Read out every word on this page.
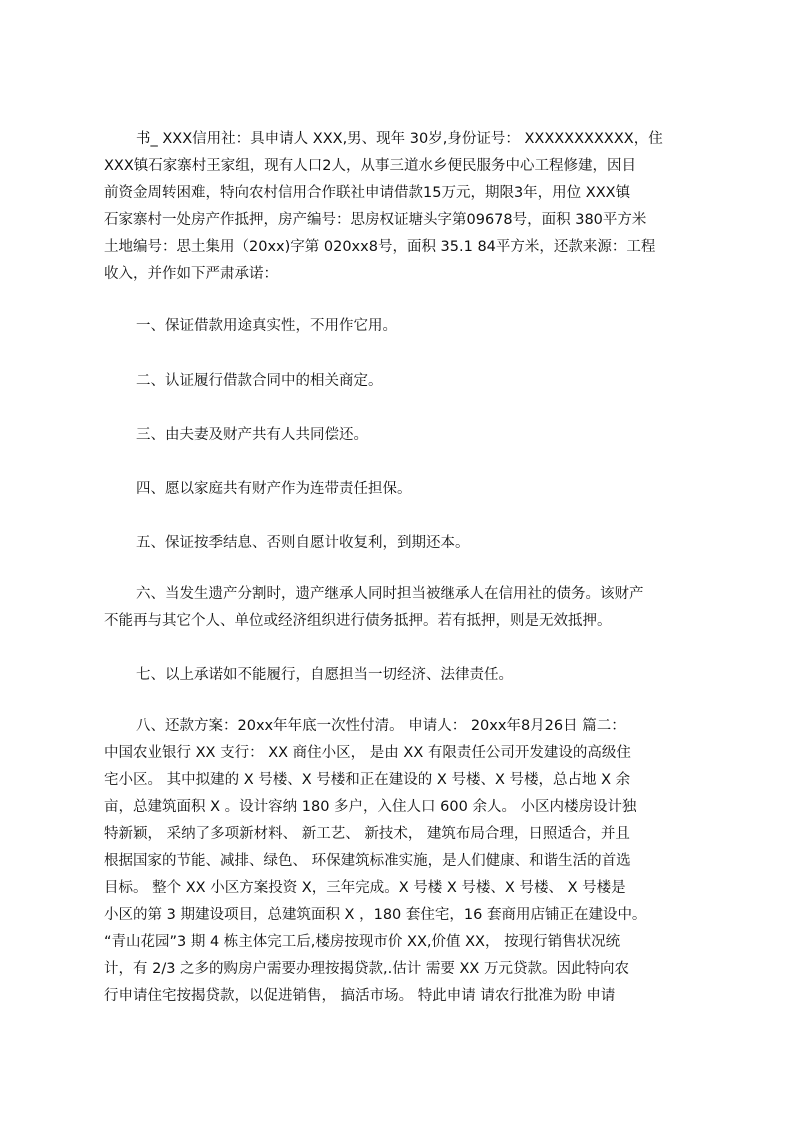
书_ XXX信用社：具申请人 XXX,男、现年 30岁,身份证号： XXXXXXXXXXX，住
XXX镇石家寨村王家组，现有人口2人，从事三道水乡便民服务中心工程修建，因目
前资金周转困难，特向农村信用合作联社申请借款15万元，期限3年，用位 XXX镇
石家寨村一处房产作抵押，房产编号：思房权证塘头字第09678号，面积 380平方米
土地编号：思土集用（20xx)字第 020xx8号，面积 35.1 84平方米，还款来源：工程
收入，并作如下严肃承诺：
一、保证借款用途真实性，不用作它用。
二、认证履行借款合同中的相关商定。
三、由夫妻及财产共有人共同偿还。
四、愿以家庭共有财产作为连带责任担保。
五、保证按季结息、否则自愿计收复利，到期还本。
六、当发生遗产分割时，遗产继承人同时担当被继承人在信用社的债务。该财产
不能再与其它个人、单位或经济组织进行债务抵押。若有抵押，则是无效抵押。
七、以上承诺如不能履行，自愿担当一切经济、法律责任。
八、还款方案：20xx年年底一次性付清。 申请人： 20xx年8月26日 篇二：
中国农业银行 XX 支行： XX 商住小区， 是由 XX 有限责任公司开发建设的高级住
宅小区。 其中拟建的 X 号楼、X 号楼和正在建设的 X 号楼、X 号楼，总占地 X 余
亩，总建筑面积 X 。设计容纳 180 多户，入住人口 600 余人。 小区内楼房设计独
特新颖， 采纳了多项新材料、 新工艺、 新技术， 建筑布局合理，日照适合，并且
根据国家的节能、减排、绿色、 环保建筑标准实施，是人们健康、和谐生活的首选
目标。 整个 XX 小区方案投资 X，三年完成。X 号楼 X 号楼、X 号楼、 X 号楼是
小区的第 3 期建设项目，总建筑面积 X ，180 套住宅，16 套商用店铺正在建设中。
“青山花园”3 期 4 栋主体完工后,楼房按现市价 XX,价值 XX， 按现行销售状况统
计，有 2/3 之多的购房户需要办理按揭贷款,.估计 需要 XX 万元贷款。因此特向农
行申请住宅按揭贷款，以促进销售， 搞活市场。 特此申请 请农行批准为盼 申请
